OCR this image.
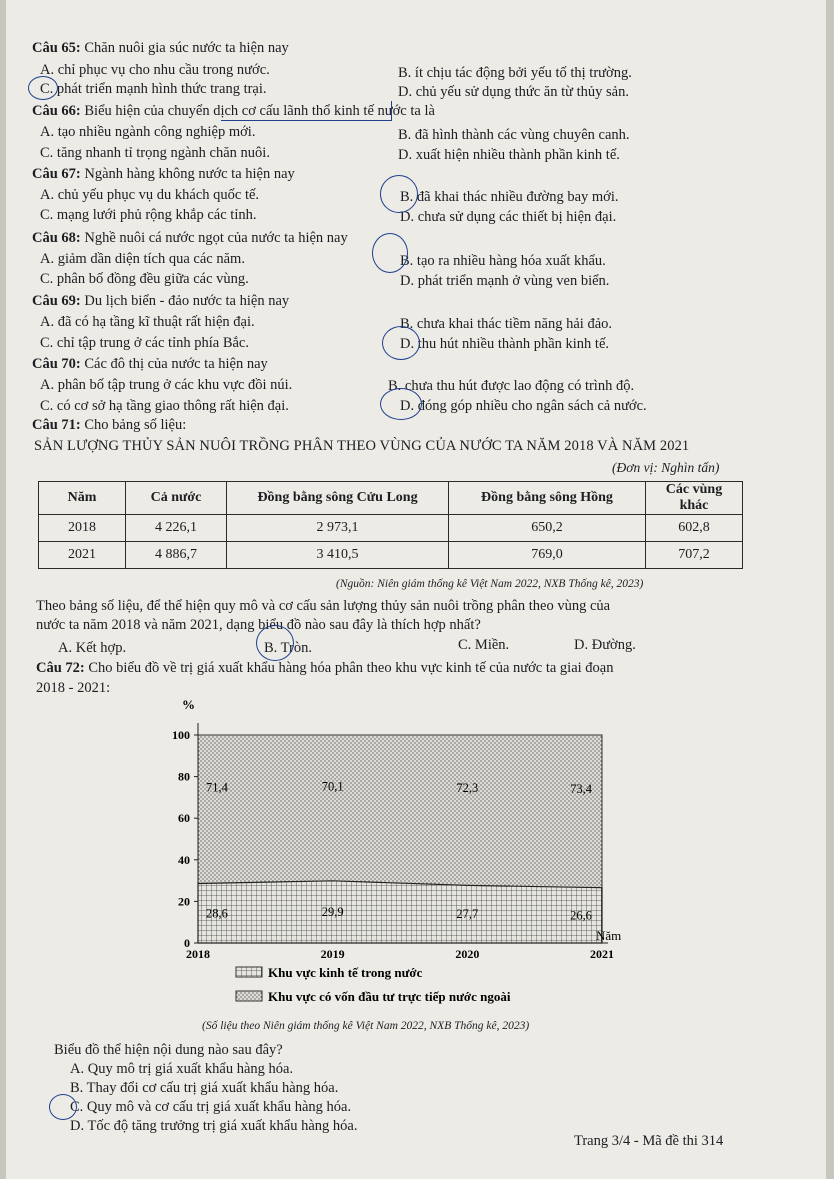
Câu 65: Chăn nuôi gia súc nước ta hiện nay
A. chỉ phục vụ cho nhu cầu trong nước.	B. ít chịu tác động bởi yếu tố thị trường.
C. phát triển mạnh hình thức trang trại.	D. chủ yếu sử dụng thức ăn từ thủy sản.
Câu 66: Biểu hiện của chuyển dịch cơ cấu lãnh thổ kinh tế nước ta là
A. tạo nhiều ngành công nghiệp mới.	B. đã hình thành các vùng chuyên canh.
C. tăng nhanh tỉ trọng ngành chăn nuôi.	D. xuất hiện nhiều thành phần kinh tế.
Câu 67: Ngành hàng không nước ta hiện nay
A. chủ yếu phục vụ du khách quốc tế.	B. đã khai thác nhiều đường bay mới.
C. mạng lưới phủ rộng khắp các tỉnh.	D. chưa sử dụng các thiết bị hiện đại.
Câu 68: Nghề nuôi cá nước ngọt của nước ta hiện nay
A. giảm dần diện tích qua các năm.	B. tạo ra nhiều hàng hóa xuất khẩu.
C. phân bố đồng đều giữa các vùng.	D. phát triển mạnh ở vùng ven biển.
Câu 69: Du lịch biển - đảo nước ta hiện nay
A. đã có hạ tầng kĩ thuật rất hiện đại.	B. chưa khai thác tiềm năng hải đảo.
C. chỉ tập trung ở các tỉnh phía Bắc.	D. thu hút nhiều thành phần kinh tế.
Câu 70: Các đô thị của nước ta hiện nay
A. phân bố tập trung ở các khu vực đồi núi.	B. chưa thu hút được lao động có trình độ.
C. có cơ sở hạ tầng giao thông rất hiện đại.	D. đóng góp nhiều cho ngân sách cả nước.
Câu 71: Cho bảng số liệu:
SẢN LƯỢNG THỦY SẢN NUÔI TRỒNG PHÂN THEO VÙNG CỦA NƯỚC TA NĂM 2018 VÀ NĂM 2021
(Đơn vị: Nghìn tấn)
Năm	Cả nước	Đồng bằng sông Cửu Long	Đồng bằng sông Hồng	Các vùng khác
2018	4 226,1	2 973,1	650,2	602,8
2021	4 886,7	3 410,5	769,0	707,2
(Nguồn: Niên giám thống kê Việt Nam 2022, NXB Thống kê, 2023)
Theo bảng số liệu, để thể hiện quy mô và cơ cấu sản lượng thủy sản nuôi trồng phân theo vùng của
nước ta năm 2018 và năm 2021, dạng biểu đồ nào sau đây là thích hợp nhất?
A. Kết hợp.	B. Tròn.	C. Miền.	D. Đường.
Câu 72: Cho biểu đồ về trị giá xuất khẩu hàng hóa phân theo khu vực kinh tế của nước ta giai đoạn
2018 - 2021:
0
20
40
60
80
100
2018	2019	2020	2021
28,6	29,9	27,7	26,6
71,4	70,1	72,3	73,4
%
Năm
Khu vực kinh tế trong nước
Khu vực có vốn đầu tư trực tiếp nước ngoài
(Số liệu theo Niên giám thống kê Việt Nam 2022, NXB Thống kê, 2023)
Biểu đồ thể hiện nội dung nào sau đây?
A. Quy mô trị giá xuất khẩu hàng hóa.
B. Thay đổi cơ cấu trị giá xuất khẩu hàng hóa.
C. Quy mô và cơ cấu trị giá xuất khẩu hàng hóa.
D. Tốc độ tăng trưởng trị giá xuất khẩu hàng hóa.
Trang 3/4 - Mã đề thi 314
